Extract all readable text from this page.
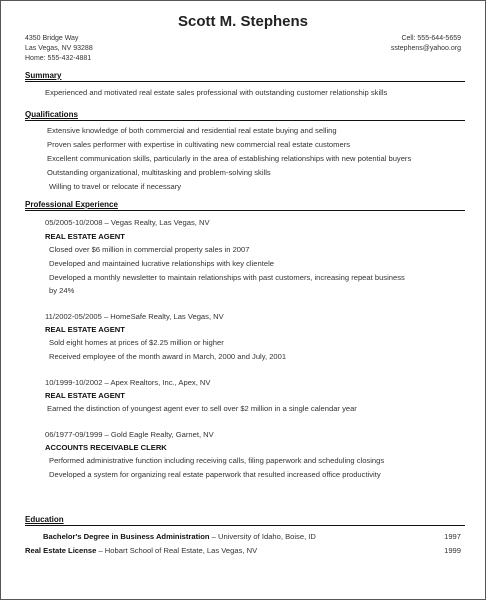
Scott M. Stephens
4350 Bridge Way
Las Vegas, NV 93288
Home: 555-432-4881
Cell: 555-644-5659
sstephens@yahoo.org
Summary
Experienced and motivated real estate sales professional with outstanding customer relationship skills
Qualifications
Extensive knowledge of both commercial and residential real estate buying and selling
Proven sales performer with expertise in cultivating new commercial real estate customers
Excellent communication skills, particularly in the area of establishing relationships with new potential buyers
Outstanding organizational, multitasking and problem-solving skills
Willing to travel or relocate if necessary
Professional Experience
05/2005-10/2008 – Vegas Realty, Las Vegas, NV
REAL ESTATE AGENT
Closed over $6 million in commercial property sales in 2007
Developed and maintained lucrative relationships with key clientele
Developed a monthly newsletter to maintain relationships with past customers, increasing repeat business
by 24%
11/2002-05/2005 – HomeSafe Realty, Las Vegas, NV
REAL ESTATE AGENT
Sold eight homes at prices of $2.25 million or higher
Received employee of the month award in March, 2000 and July, 2001
10/1999-10/2002 – Apex Realtors, Inc., Apex, NV
REAL ESTATE AGENT
Earned the distinction of youngest agent ever to sell over $2 million in a single calendar year
06/1977-09/1999 – Gold Eagle Realty, Garnet, NV
ACCOUNTS RECEIVABLE CLERK
Performed administrative function including receiving calls, filing paperwork and scheduling closings
Developed a system for organizing real estate paperwork that resulted increased office productivity
Education
Bachelor's Degree in Business Administration – University of Idaho, Boise, ID	1997
Real Estate License – Hobart School of Real Estate, Las Vegas, NV	1999
